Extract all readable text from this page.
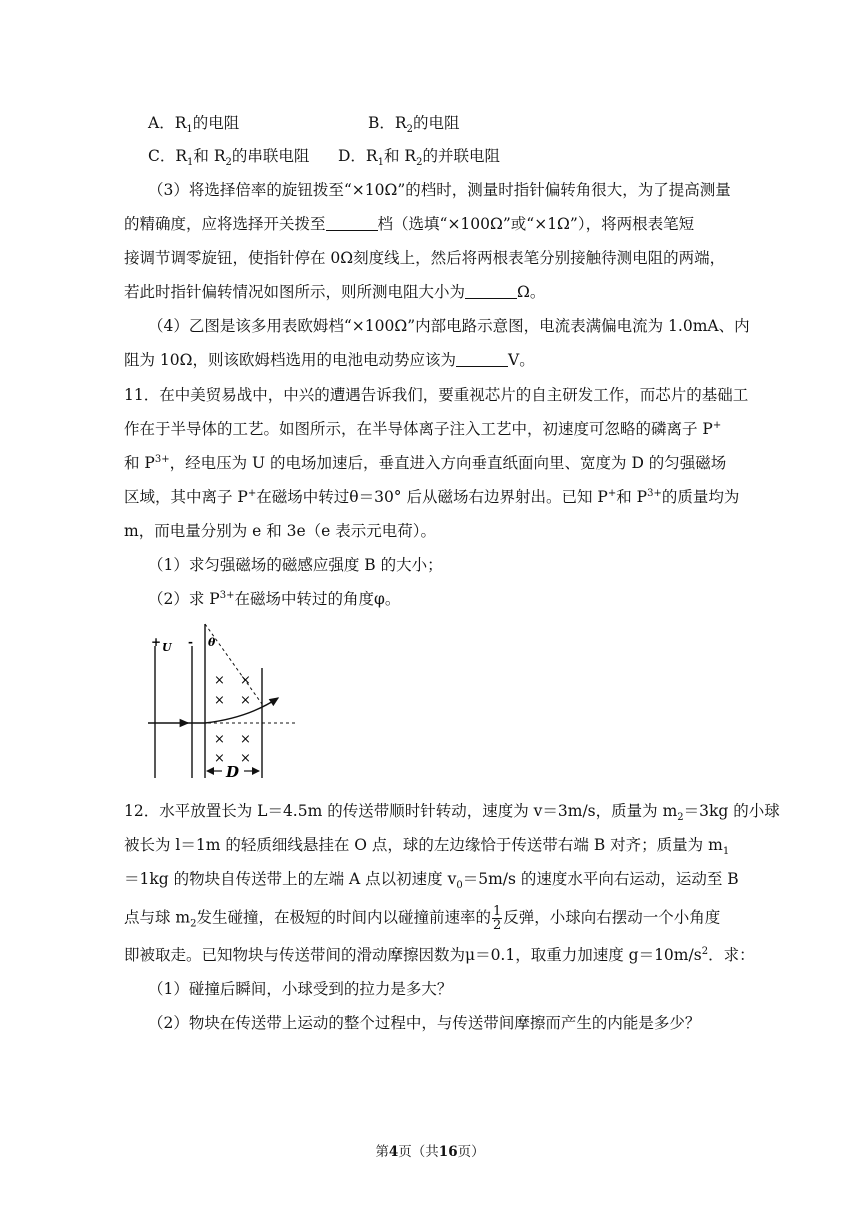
A．$R_1$的电阻	B．$R_2$的电阻
C．$R_1$和 $R_2$的串联电阻 D．$R_1$和 $R_2$的并联电阻
（3）将选择倍率的旋钮拨至“×10Ω”的档时，测量时指针偏转角很大，为了提高测量
的精确度，应将选择开关拨至	档（选填“×100Ω”或“×1Ω”），将两根表笔短
接调节调零旋钮，使指针停在 0Ω刻度线上，然后将两根表笔分别接触待测电阻的两端，
若此时指针偏转情况如图所示，则所测电阻大小为	Ω。
（4）乙图是该多用表欧姆档“×100Ω”内部电路示意图，电流表满偏电流为 1.0mA、内
阻为 10Ω，则该欧姆档选用的电池电动势应该为	V。
11．在中美贸易战中，中兴的遭遇告诉我们，要重视芯片的自主研发工作，而芯片的基础工
作在于半导体的工艺。如图所示，在半导体离子注入工艺中，初速度可忽略的磷离子 P+
和 $P^{3+}$，经电压为 U 的电场加速后，垂直进入方向垂直纸面向里、宽度为 D 的匀强磁场
区域，其中离子 P+在磁场中转过θ＝30° 后从磁场右边界射出。已知 P+和 $P^{3+}$的质量均为
m，而电量分别为 e 和 3e（e 表示元电荷）。
（1）求匀强磁场的磁感应强度 B 的大小；
（2）求 $P^{3+}$在磁场中转过的角度φ。
+ U - θ
× ×
× ×
× ×
× ×
D
12．水平放置长为 L＝4.5m 的传送带顺时针转动，速度为 v＝3m/s，质量为 $m_2=3kg$ 的小球
被长为 l＝1m 的轻质细线悬挂在 O 点，球的左边缘恰于传送带右端 B 对齐；质量为 $m_1$
＝1kg 的物块自传送带上的左端 A 点以初速度 $v_0=5m/s$ 的速度水平向右运动，运动至 B
点与球 $m_2$发生碰撞，在极短的时间内以碰撞前速率的 $\frac{1}{2}$ 反弹，小球向右摆动一个小角度
即被取走。已知物块与传送带间的滑动摩擦因数为μ＝0.1，取重力加速度 $g=10m/s^2$．求：
（1）碰撞后瞬间，小球受到的拉力是多大？
（2）物块在传送带上运动的整个过程中，与传送带间摩擦而产生的内能是多少？
第4页（共16页）
